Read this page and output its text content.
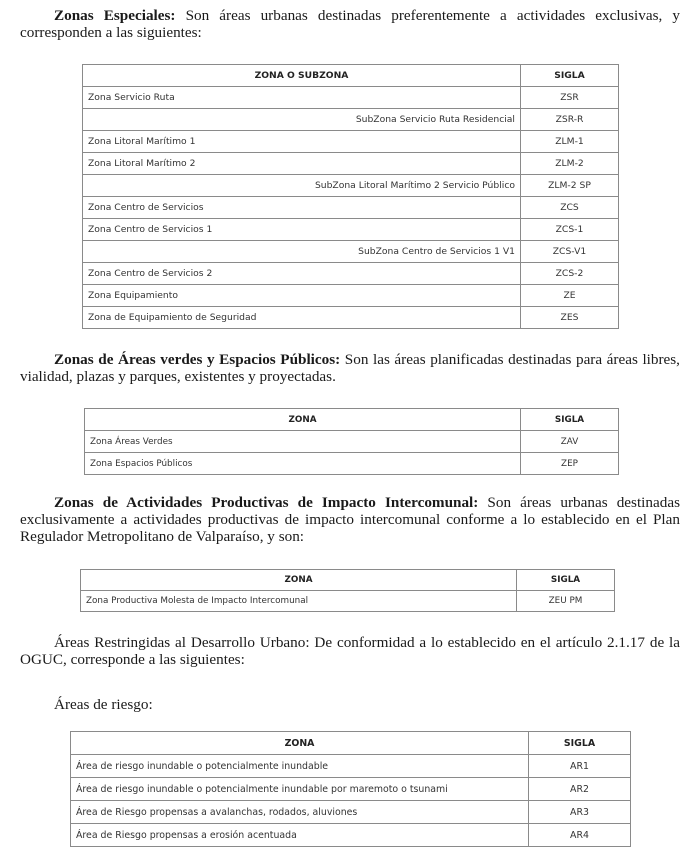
Zonas Especiales: Son áreas urbanas destinadas preferentemente a actividades exclusivas, y corresponden a las siguientes:

ZONA O SUBZONA	SIGLA
Zona Servicio Ruta	ZSR
SubZona Servicio Ruta Residencial	ZSR-R
Zona Litoral Marítimo 1	ZLM-1
Zona Litoral Marítimo 2	ZLM-2
SubZona Litoral Marítimo 2 Servicio Público	ZLM-2 SP
Zona Centro de Servicios	ZCS
Zona Centro de Servicios 1	ZCS-1
SubZona Centro de Servicios 1 V1	ZCS-V1
Zona Centro de Servicios 2	ZCS-2
Zona Equipamiento	ZE
Zona de Equipamiento de Seguridad	ZES

Zonas de Áreas verdes y Espacios Públicos: Son las áreas planificadas destinadas para áreas libres, vialidad, plazas y parques, existentes y proyectadas.

ZONA	SIGLA
Zona Áreas Verdes	ZAV
Zona Espacios Públicos	ZEP

Zonas de Actividades Productivas de Impacto Intercomunal: Son áreas urbanas destinadas exclusivamente a actividades productivas de impacto intercomunal conforme a lo establecido en el Plan Regulador Metropolitano de Valparaíso, y son:

ZONA	SIGLA
Zona Productiva Molesta de Impacto Intercomunal	ZEU PM

Áreas Restringidas al Desarrollo Urbano: De conformidad a lo establecido en el artículo 2.1.17 de la OGUC, corresponde a las siguientes:

Áreas de riesgo:

ZONA	SIGLA
Área de riesgo inundable o potencialmente inundable	AR1
Área de riesgo inundable o potencialmente inundable por maremoto o tsunami	AR2
Área de Riesgo propensas a avalanchas, rodados, aluviones	AR3
Área de Riesgo propensas a erosión acentuada	AR4
